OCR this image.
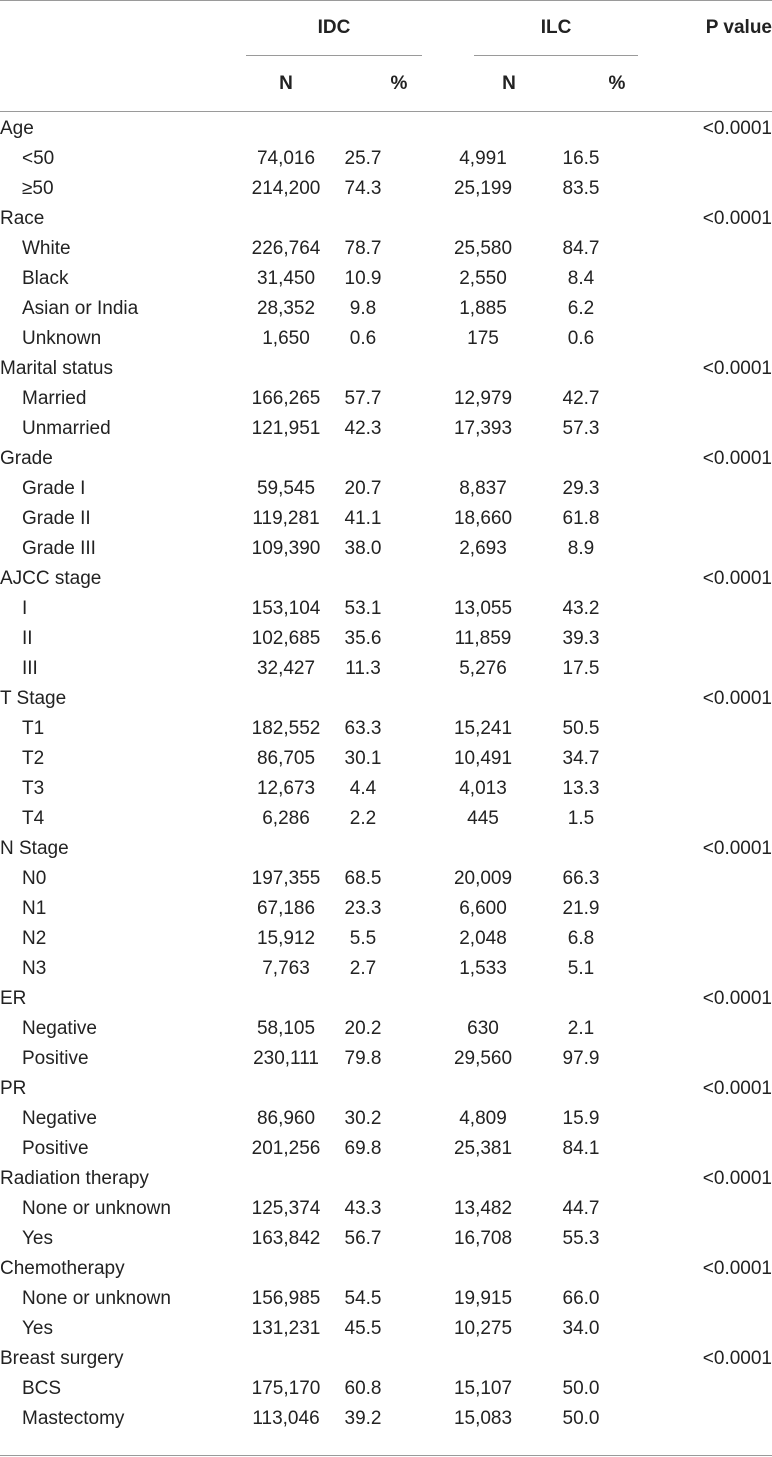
IDC	ILC	P value
N	%	N	%
Age					<0.0001
<50	74,016	25.7	4,991	16.5	
≥50	214,200	74.3	25,199	83.5	
Race					<0.0001
White	226,764	78.7	25,580	84.7	
Black	31,450	10.9	2,550	8.4	
Asian or India	28,352	9.8	1,885	6.2	
Unknown	1,650	0.6	175	0.6	
Marital status					<0.0001
Married	166,265	57.7	12,979	42.7	
Unmarried	121,951	42.3	17,393	57.3	
Grade					<0.0001
Grade I	59,545	20.7	8,837	29.3	
Grade II	119,281	41.1	18,660	61.8	
Grade III	109,390	38.0	2,693	8.9	
AJCC stage					<0.0001
I	153,104	53.1	13,055	43.2	
II	102,685	35.6	11,859	39.3	
III	32,427	11.3	5,276	17.5	
T Stage					<0.0001
T1	182,552	63.3	15,241	50.5	
T2	86,705	30.1	10,491	34.7	
T3	12,673	4.4	4,013	13.3	
T4	6,286	2.2	445	1.5	
N Stage					<0.0001
N0	197,355	68.5	20,009	66.3	
N1	67,186	23.3	6,600	21.9	
N2	15,912	5.5	2,048	6.8	
N3	7,763	2.7	1,533	5.1	
ER					<0.0001
Negative	58,105	20.2	630	2.1	
Positive	230,111	79.8	29,560	97.9	
PR					<0.0001
Negative	86,960	30.2	4,809	15.9	
Positive	201,256	69.8	25,381	84.1	
Radiation therapy					<0.0001
None or unknown	125,374	43.3	13,482	44.7	
Yes	163,842	56.7	16,708	55.3	
Chemotherapy					<0.0001
None or unknown	156,985	54.5	19,915	66.0	
Yes	131,231	45.5	10,275	34.0	
Breast surgery					<0.0001
BCS	175,170	60.8	15,107	50.0	
Mastectomy	113,046	39.2	15,083	50.0	
